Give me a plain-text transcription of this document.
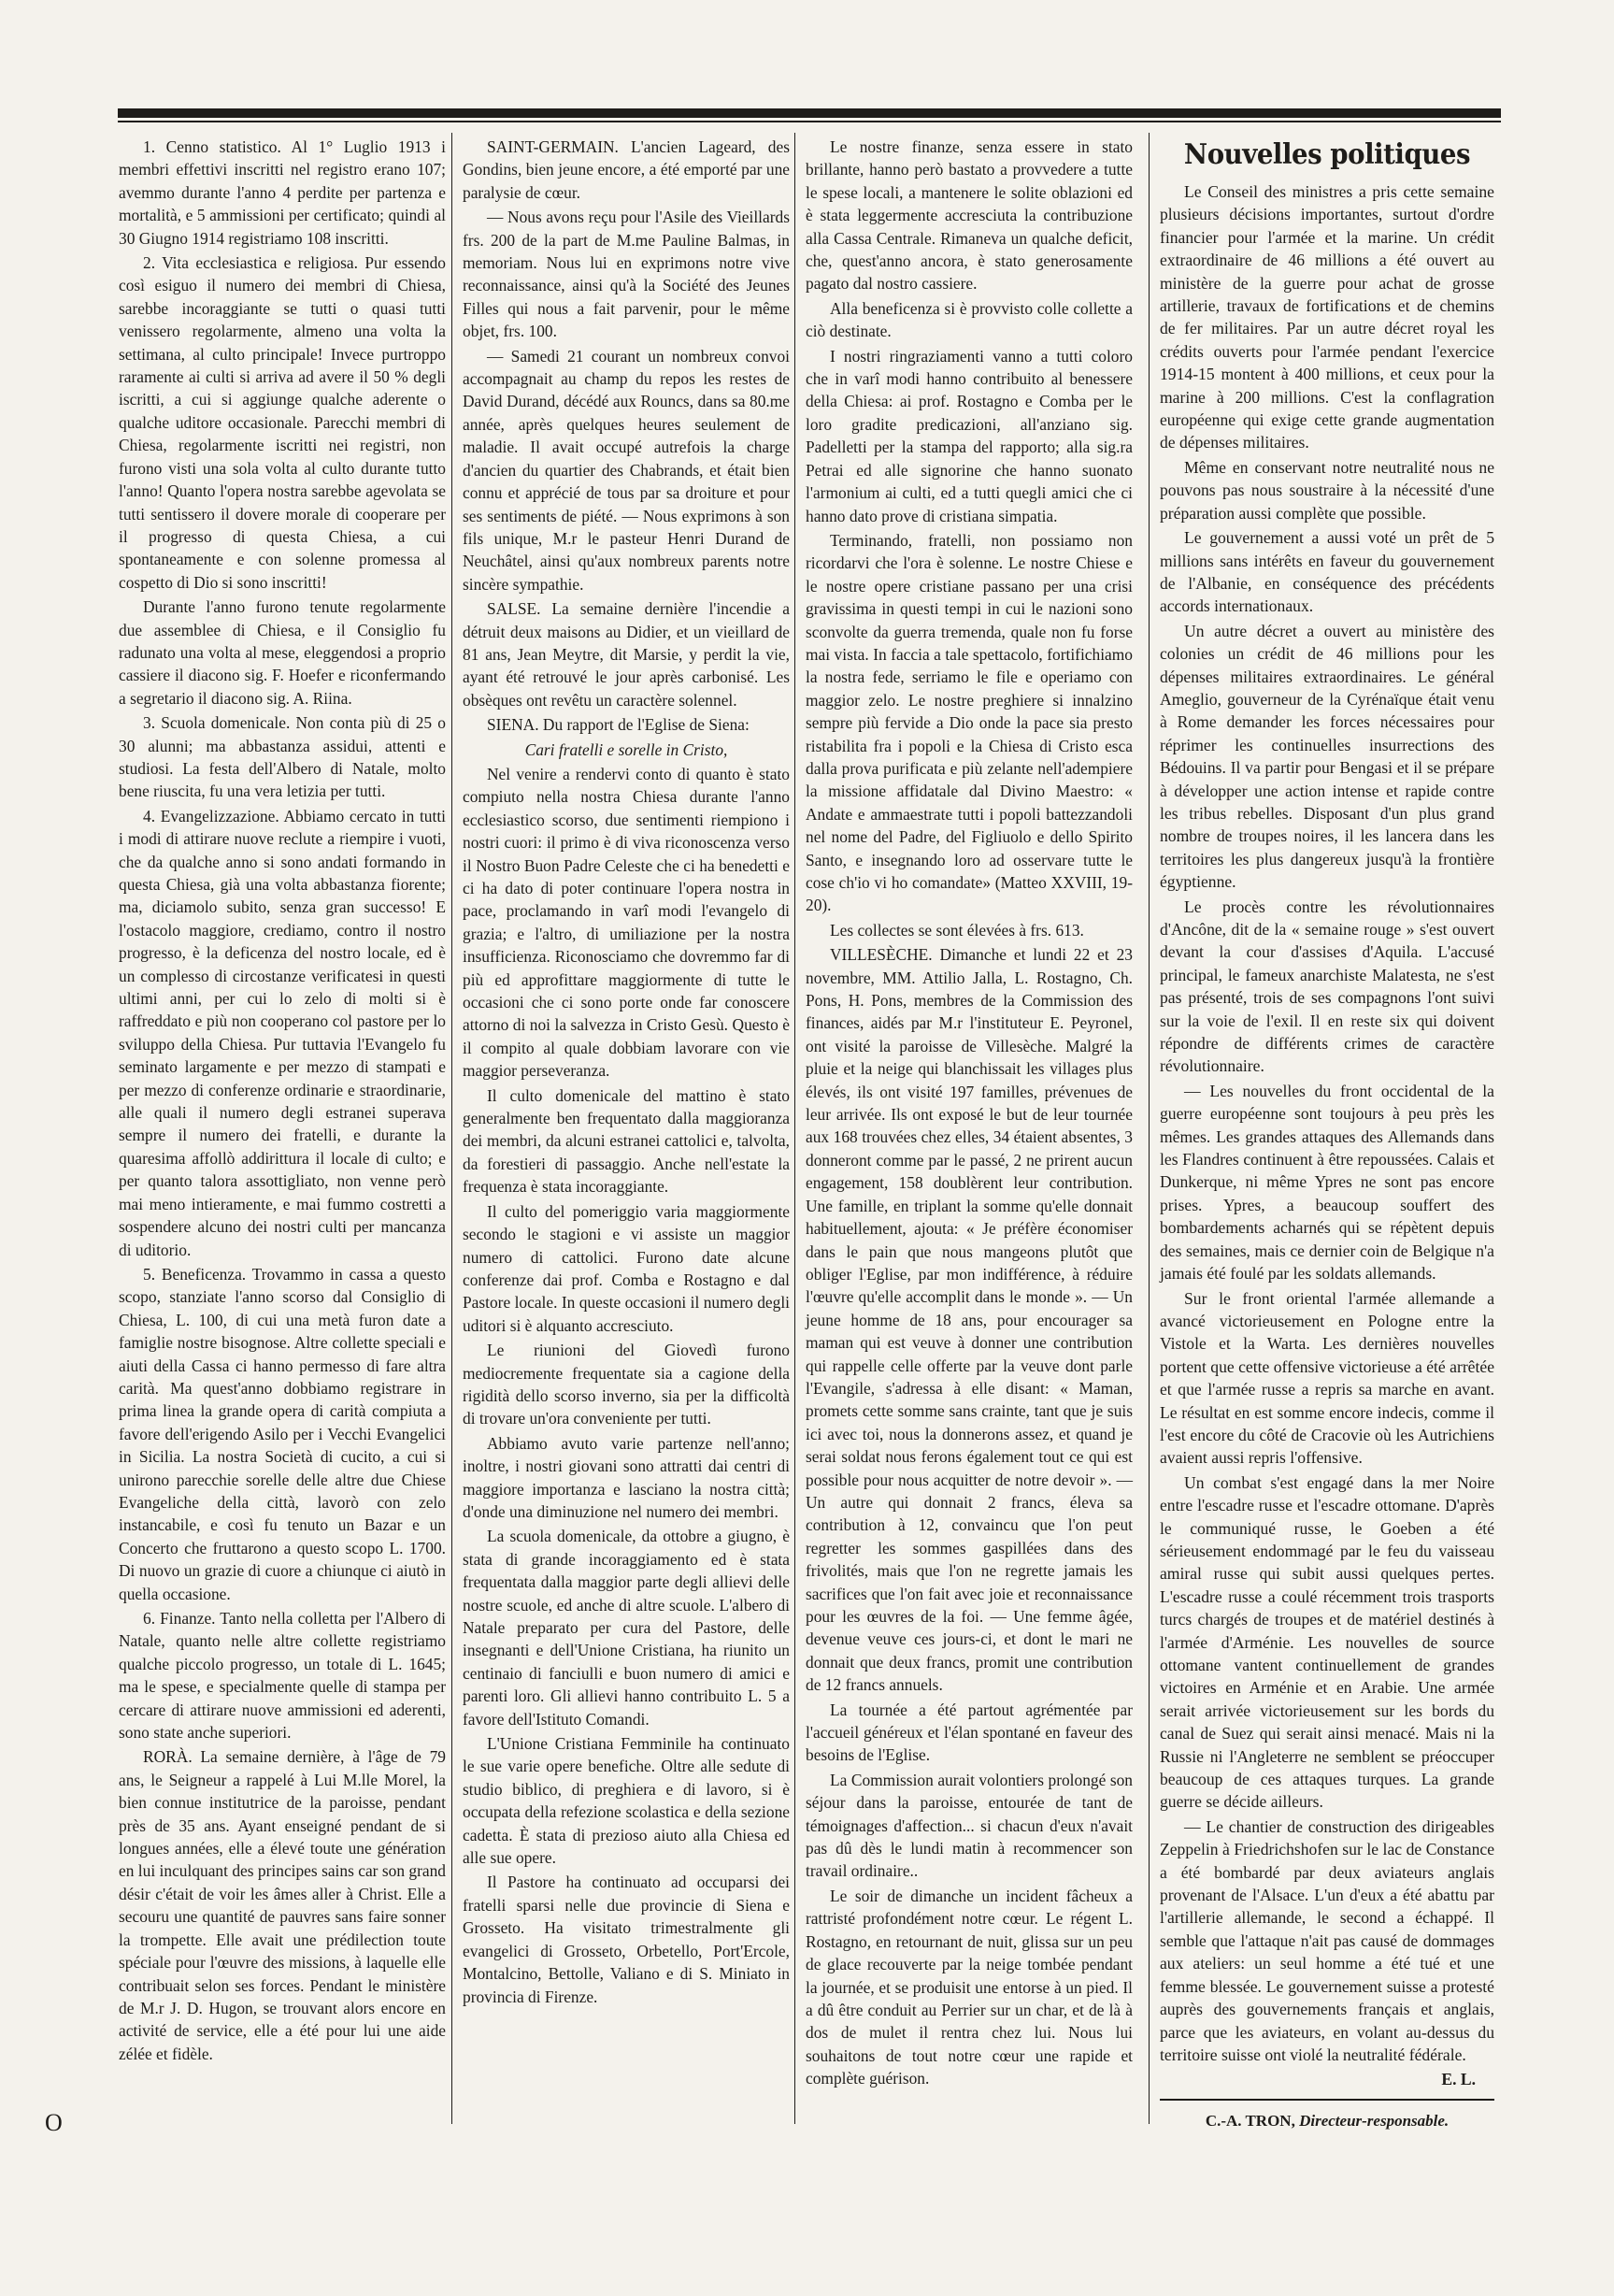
1. Cenno statistico. Al 1° Luglio 1913 i membri effettivi inscritti nel registro erano 107; avemmo durante l'anno 4 perdite per partenza e mortalità, e 5 ammissioni per certificato; quindi al 30 Giugno 1914 registriamo 108 inscritti.

2. Vita ecclesiastica e religiosa. Pur essendo così esiguo il numero dei membri di Chiesa, sarebbe incoraggiante se tutti o quasi tutti venissero regolarmente, almeno una volta la settimana, al culto principale! Invece purtroppo raramente ai culti si arriva ad avere il 50 % degli iscritti, a cui si aggiunge qualche aderente o qualche uditore occasionale. Parecchi membri di Chiesa, regolarmente iscritti nei registri, non furono visti una sola volta al culto durante tutto l'anno! Quanto l'opera nostra sarebbe agevolata se tutti sentissero il dovere morale di cooperare per il progresso di questa Chiesa, a cui spontaneamente e con solenne promessa al cospetto di Dio si sono inscritti!

Durante l'anno furono tenute regolarmente due assemblee di Chiesa, e il Consiglio fu radunato una volta al mese, eleggendosi a proprio cassiere il diacono sig. F. Hoefer e riconfermando a segretario il diacono sig. A. Riina.

3. Scuola domenicale. Non conta più di 25 o 30 alunni; ma abbastanza assidui, attenti e studiosi. La festa dell'Albero di Natale, molto bene riuscita, fu una vera letizia per tutti.

4. Evangelizzazione. Abbiamo cercato in tutti i modi di attirare nuove reclute a riempire i vuoti, che da qualche anno si sono andati formando in questa Chiesa, già una volta abbastanza fiorente; ma, diciamolo subito, senza gran successo! E l'ostacolo maggiore, crediamo, contro il nostro progresso, è la deficenza del nostro locale, ed è un complesso di circostanze verificatesi in questi ultimi anni, per cui lo zelo di molti si è raffreddato e più non cooperano col pastore per lo sviluppo della Chiesa. Pur tuttavia l'Evangelo fu seminato largamente e per mezzo di stampati e per mezzo di conferenze ordinarie e straordinarie, alle quali il numero degli estranei superava sempre il numero dei fratelli, e durante la quaresima affollò addirittura il locale di culto; e per quanto talora assottigliato, non venne però mai meno intieramente, e mai fummo costretti a sospendere alcuno dei nostri culti per mancanza di uditorio.

5. Beneficenza. Trovammo in cassa a questo scopo, stanziate l'anno scorso dal Consiglio di Chiesa, L. 100, di cui una metà furon date a famiglie nostre bisognose. Altre collette speciali e aiuti della Cassa ci hanno permesso di fare altra carità. Ma quest'anno dobbiamo registrare in prima linea la grande opera di carità compiuta a favore dell'erigendo Asilo per i Vecchi Evangelici in Sicilia. La nostra Società di cucito, a cui si unirono parecchie sorelle delle altre due Chiese Evangeliche della città, lavorò con zelo instancabile, e così fu tenuto un Bazar e un Concerto che fruttarono a questo scopo L. 1700. Di nuovo un grazie di cuore a chiunque ci aiutò in quella occasione.

6. Finanze. Tanto nella colletta per l'Albero di Natale, quanto nelle altre collette registriamo qualche piccolo progresso, un totale di L. 1645; ma le spese, e specialmente quelle di stampa per cercare di attirare nuove ammissioni ed aderenti, sono state anche superiori.

RORÀ. La semaine dernière, à l'âge de 79 ans, le Seigneur a rappelé à Lui M.lle Morel, la bien connue institutrice de la paroisse, pendant près de 35 ans. Ayant enseigné pendant de si longues années, elle a élevé toute une génération en lui inculquant des principes sains car son grand désir c'était de voir les âmes aller à Christ. Elle a secouru une quantité de pauvres sans faire sonner la trompette. Elle avait une prédilection toute spéciale pour l'œuvre des missions, à laquelle elle contribuait selon ses forces. Pendant le ministère de M.r J. D. Hugon, se trouvant alors encore en activité de service, elle a été pour lui une aide zélée et fidèle.

SAINT-GERMAIN. L'ancien Lageard, des Gondins, bien jeune encore, a été emporté par une paralysie de cœur.

— Nous avons reçu pour l'Asile des Vieillards frs. 200 de la part de M.me Pauline Balmas, in memoriam. Nous lui en exprimons notre vive reconnaissance, ainsi qu'à la Société des Jeunes Filles qui nous a fait parvenir, pour le même objet, frs. 100.

— Samedi 21 courant un nombreux convoi accompagnait au champ du repos les restes de David Durand, décédé aux Rouncs, dans sa 80.me année, après quelques heures seulement de maladie. Il avait occupé autrefois la charge d'ancien du quartier des Chabrands, et était bien connu et apprécié de tous par sa droiture et pour ses sentiments de piété. — Nous exprimons à son fils unique, M.r le pasteur Henri Durand de Neuchâtel, ainsi qu'aux nombreux parents notre sincère sympathie.

SALSE. La semaine dernière l'incendie a détruit deux maisons au Didier, et un vieillard de 81 ans, Jean Meytre, dit Marsie, y perdit la vie, ayant été retrouvé le jour après carbonisé. Les obsèques ont revêtu un caractère solennel.

SIENA. Du rapport de l'Eglise de Siena:

Cari fratelli e sorelle in Cristo,

Nel venire a rendervi conto di quanto è stato compiuto nella nostra Chiesa durante l'anno ecclesiastico scorso, due sentimenti riempiono i nostri cuori: il primo è di viva riconoscenza verso il Nostro Buon Padre Celeste che ci ha benedetti e ci ha dato di poter continuare l'opera nostra in pace, proclamando in varî modi l'evangelo di grazia; e l'altro, di umiliazione per la nostra insufficienza. Riconosciamo che dovremmo far di più ed approfittare maggiormente di tutte le occasioni che ci sono porte onde far conoscere attorno di noi la salvezza in Cristo Gesù. Questo è il compito al quale dobbiam lavorare con vie maggior perseveranza.

Il culto domenicale del mattino è stato generalmente ben frequentato dalla maggioranza dei membri, da alcuni estranei cattolici e, talvolta, da forestieri di passaggio. Anche nell'estate la frequenza è stata incoraggiante.

Il culto del pomeriggio varia maggiormente secondo le stagioni e vi assiste un maggior numero di cattolici. Furono date alcune conferenze dai prof. Comba e Rostagno e dal Pastore locale. In queste occasioni il numero degli uditori si è alquanto accresciuto.

Le riunioni del Giovedì furono mediocremente frequentate sia a cagione della rigidità dello scorso inverno, sia per la difficoltà di trovare un'ora conveniente per tutti.

Abbiamo avuto varie partenze nell'anno; inoltre, i nostri giovani sono attratti dai centri di maggiore importanza e lasciano la nostra città; d'onde una diminuzione nel numero dei membri.

La scuola domenicale, da ottobre a giugno, è stata di grande incoraggiamento ed è stata frequentata dalla maggior parte degli allievi delle nostre scuole, ed anche di altre scuole. L'albero di Natale preparato per cura del Pastore, delle insegnanti e dell'Unione Cristiana, ha riunito un centinaio di fanciulli e buon numero di amici e parenti loro. Gli allievi hanno contribuito L. 5 a favore dell'Istituto Comandi.

L'Unione Cristiana Femminile ha continuato le sue varie opere benefiche. Oltre alle sedute di studio biblico, di preghiera e di lavoro, si è occupata della refezione scolastica e della sezione cadetta. È stata di prezioso aiuto alla Chiesa ed alle sue opere.

Il Pastore ha continuato ad occuparsi dei fratelli sparsi nelle due provincie di Siena e Grosseto. Ha visitato trimestralmente gli evangelici di Grosseto, Orbetello, Port'Ercole, Montalcino, Bettolle, Valiano e di S. Miniato in provincia di Firenze.

Le nostre finanze, senza essere in stato brillante, hanno però bastato a provvedere a tutte le spese locali, a mantenere le solite oblazioni ed è stata leggermente accresciuta la contribuzione alla Cassa Centrale. Rimaneva un qualche deficit, che, quest'anno ancora, è stato generosamente pagato dal nostro cassiere.

Alla beneficenza si è provvisto colle collette a ciò destinate.

I nostri ringraziamenti vanno a tutti coloro che in varî modi hanno contribuito al benessere della Chiesa: ai prof. Rostagno e Comba per le loro gradite predicazioni, all'anziano sig. Padelletti per la stampa del rapporto; alla sig.ra Petrai ed alle signorine che hanno suonato l'armonium ai culti, ed a tutti quegli amici che ci hanno dato prove di cristiana simpatia.

Terminando, fratelli, non possiamo non ricordarvi che l'ora è solenne. Le nostre Chiese e le nostre opere cristiane passano per una crisi gravissima in questi tempi in cui le nazioni sono sconvolte da guerra tremenda, quale non fu forse mai vista. In faccia a tale spettacolo, fortifichiamo la nostra fede, serriamo le file e operiamo con maggior zelo. Le nostre preghiere si innalzino sempre più fervide a Dio onde la pace sia presto ristabilita fra i popoli e la Chiesa di Cristo esca dalla prova purificata e più zelante nell'adempiere la missione affidatale dal Divino Maestro: « Andate e ammaestrate tutti i popoli battezzandoli nel nome del Padre, del Figliuolo e dello Spirito Santo, e insegnando loro ad osservare tutte le cose ch'io vi ho comandate» (Matteo XXVIII, 19-20).

Les collectes se sont élevées à frs. 613.

VILLESÈCHE. Dimanche et lundi 22 et 23 novembre, MM. Attilio Jalla, L. Rostagno, Ch. Pons, H. Pons, membres de la Commission des finances, aidés par M.r l'instituteur E. Peyronel, ont visité la paroisse de Villesèche. Malgré la pluie et la neige qui blanchissait les villages plus élevés, ils ont visité 197 familles, prévenues de leur arrivée. Ils ont exposé le but de leur tournée aux 168 trouvées chez elles, 34 étaient absentes, 3 donneront comme par le passé, 2 ne prirent aucun engagement, 158 doublèrent leur contribution. Une famille, en triplant la somme qu'elle donnait habituellement, ajouta: « Je préfère économiser dans le pain que nous mangeons plutôt que obliger l'Eglise, par mon indifférence, à réduire l'œuvre qu'elle accomplit dans le monde ». — Un jeune homme de 18 ans, pour encourager sa maman qui est veuve à donner une contribution qui rappelle celle offerte par la veuve dont parle l'Evangile, s'adressa à elle disant: « Maman, promets cette somme sans crainte, tant que je suis ici avec toi, nous la donnerons assez, et quand je serai soldat nous ferons également tout ce qui est possible pour nous acquitter de notre devoir ». — Un autre qui donnait 2 francs, éleva sa contribution à 12, convaincu que l'on peut regretter les sommes gaspillées dans des frivolités, mais que l'on ne regrette jamais les sacrifices que l'on fait avec joie et reconnaissance pour les œuvres de la foi. — Une femme âgée, devenue veuve ces jours-ci, et dont le mari ne donnait que deux francs, promit une contribution de 12 francs annuels.

La tournée a été partout agrémentée par l'accueil généreux et l'élan spontané en faveur des besoins de l'Eglise.

La Commission aurait volontiers prolongé son séjour dans la paroisse, entourée de tant de témoignages d'affection... si chacun d'eux n'avait pas dû dès le lundi matin à recommencer son travail ordinaire..

Le soir de dimanche un incident fâcheux a rattristé profondément notre cœur. Le régent L. Rostagno, en retournant de nuit, glissa sur un peu de glace recouverte par la neige tombée pendant la journée, et se produisit une entorse à un pied. Il a dû être conduit au Perrier sur un char, et de là à dos de mulet il rentra chez lui. Nous lui souhaitons de tout notre cœur une rapide et complète guérison.

Nouvelles politiques

Le Conseil des ministres a pris cette semaine plusieurs décisions importantes, surtout d'ordre financier pour l'armée et la marine. Un crédit extraordinaire de 46 millions a été ouvert au ministère de la guerre pour achat de grosse artillerie, travaux de fortifications et de chemins de fer militaires. Par un autre décret royal les crédits ouverts pour l'armée pendant l'exercice 1914-15 montent à 400 millions, et ceux pour la marine à 200 millions. C'est la conflagration européenne qui exige cette grande augmentation de dépenses militaires.

Même en conservant notre neutralité nous ne pouvons pas nous soustraire à la nécessité d'une préparation aussi complète que possible.

Le gouvernement a aussi voté un prêt de 5 millions sans intérêts en faveur du gouvernement de l'Albanie, en conséquence des précédents accords internationaux.

Un autre décret a ouvert au ministère des colonies un crédit de 46 millions pour les dépenses militaires extraordinaires. Le général Ameglio, gouverneur de la Cyrénaïque était venu à Rome demander les forces nécessaires pour réprimer les continuelles insurrections des Bédouins. Il va partir pour Bengasi et il se prépare à développer une action intense et rapide contre les tribus rebelles. Disposant d'un plus grand nombre de troupes noires, il les lancera dans les territoires les plus dangereux jusqu'à la frontière égyptienne.

Le procès contre les révolutionnaires d'Ancône, dit de la « semaine rouge » s'est ouvert devant la cour d'assises d'Aquila. L'accusé principal, le fameux anarchiste Malatesta, ne s'est pas présenté, trois de ses compagnons l'ont suivi sur la voie de l'exil. Il en reste six qui doivent répondre de différents crimes de caractère révolutionnaire.

— Les nouvelles du front occidental de la guerre européenne sont toujours à peu près les mêmes. Les grandes attaques des Allemands dans les Flandres continuent à être repoussées. Calais et Dunkerque, ni même Ypres ne sont pas encore prises. Ypres, a beaucoup souffert des bombardements acharnés qui se répètent depuis des semaines, mais ce dernier coin de Belgique n'a jamais été foulé par les soldats allemands.

Sur le front oriental l'armée allemande a avancé victorieusement en Pologne entre la Vistole et la Warta. Les dernières nouvelles portent que cette offensive victorieuse a été arrêtée et que l'armée russe a repris sa marche en avant. Le résultat en est somme encore indecis, comme il l'est encore du côté de Cracovie où les Autrichiens avaient aussi repris l'offensive.

Un combat s'est engagé dans la mer Noire entre l'escadre russe et l'escadre ottomane. D'après le communiqué russe, le Goeben a été sérieusement endommagé par le feu du vaisseau amiral russe qui subit aussi quelques pertes. L'escadre russe a coulé récemment trois trasports turcs chargés de troupes et de matériel destinés à l'armée d'Arménie. Les nouvelles de source ottomane vantent continuellement de grandes victoires en Arménie et en Arabie. Une armée serait arrivée victorieusement sur les bords du canal de Suez qui serait ainsi menacé. Mais ni la Russie ni l'Angleterre ne semblent se préoccuper beaucoup de ces attaques turques. La grande guerre se décide ailleurs.

— Le chantier de construction des dirigeables Zeppelin à Friedrichshofen sur le lac de Constance a été bombardé par deux aviateurs anglais provenant de l'Alsace. L'un d'eux a été abattu par l'artillerie allemande, le second a échappé. Il semble que l'attaque n'ait pas causé de dommages aux ateliers: un seul homme a été tué et une femme blessée. Le gouvernement suisse a protesté auprès des gouvernements français et anglais, parce que les aviateurs, en volant au-dessus du territoire suisse ont violé la neutralité fédérale.

E. L.
C.-A. TRON, Directeur-responsable.
O
